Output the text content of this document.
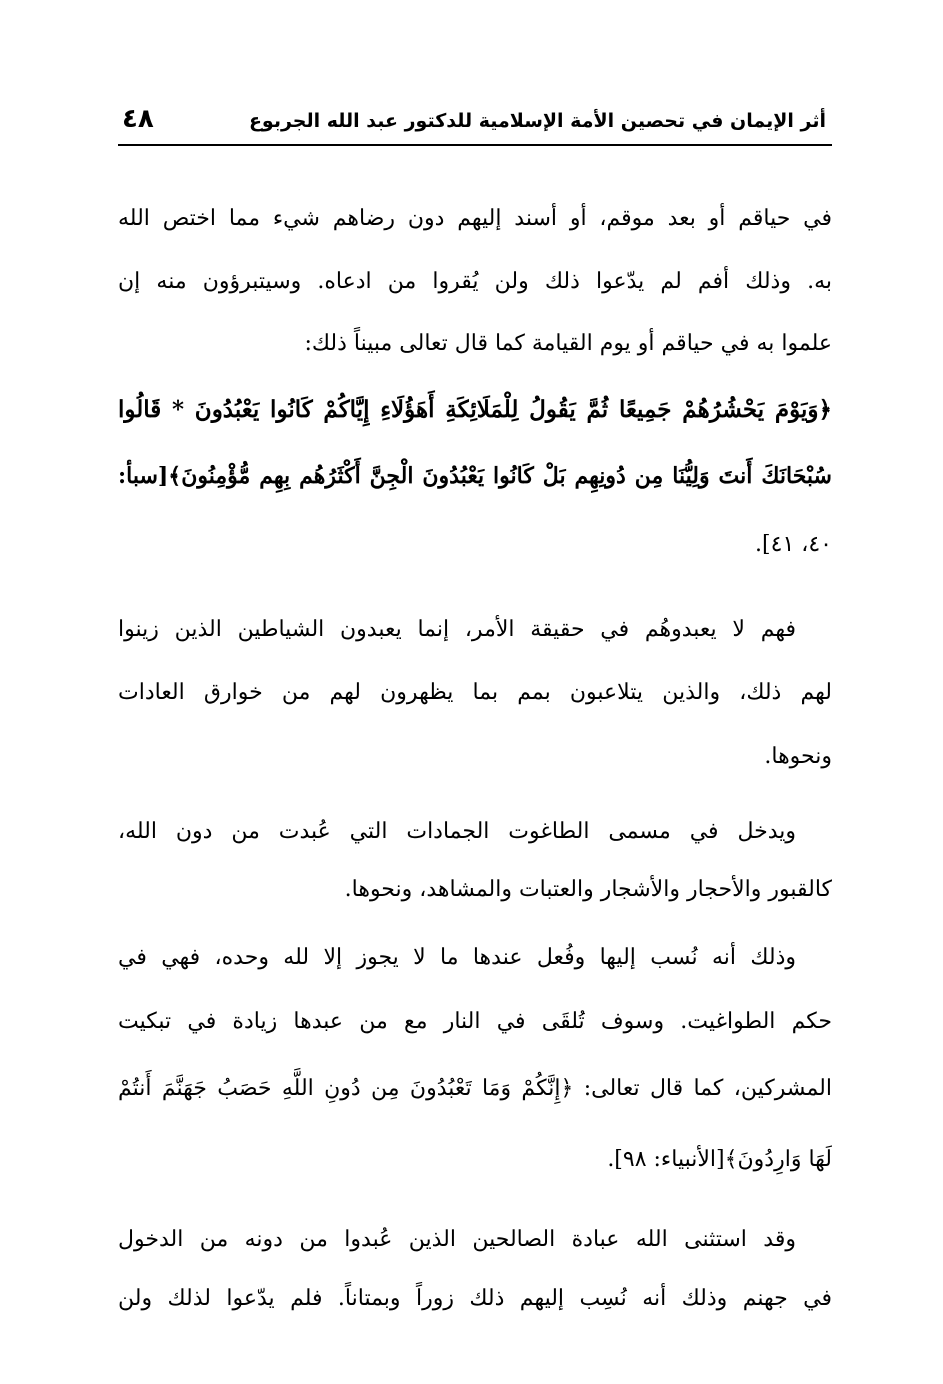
أثر الإيمان في تحصين الأمة الإسلامية للدكتور عبد الله الجربوع
٤٨
في حياقم أو بعد موقم، أو أسند إليهم دون رضاهم شيء مما اختص الله
به. وذلك أفم لم يدّعوا ذلك ولن يُقروا من ادعاه. وسيتبرؤون منه إن
علموا به في حياقم أو يوم القيامة كما قال تعالى مبيناً ذلك:
﴿وَيَوْمَ يَحْشُرُهُمْ جَمِيعًا ثُمَّ يَقُولُ لِلْمَلَائِكَةِ أَهَؤُلَاءِ إِيَّاكُمْ كَانُوا يَعْبُدُونَ * قَالُوا
سُبْحَانَكَ أَنتَ وَلِيُّنَا مِن دُونِهِم بَلْ كَانُوا يَعْبُدُونَ الْجِنَّ أَكْثَرُهُم بِهِم مُّؤْمِنُونَ﴾[سبأ:
٤٠، ٤١].
فهم لا يعبدوهُم في حقيقة الأمر، إنما يعبدون الشياطين الذين زينوا
لهم ذلك، والذين يتلاعبون بمم بما يظهرون لهم من خوارق العادات
ونحوها.
ويدخل في مسمى الطاغوت الجمادات التي عُبدت من دون الله،
كالقبور والأحجار والأشجار والعتبات والمشاهد، ونحوها.
وذلك أنه نُسب إليها وفُعل عندها ما لا يجوز إلا لله وحده، فهي في
حكم الطواغيت. وسوف تُلقَى في النار مع من عبدها زيادة في تبكيت
المشركين، كما قال تعالى: ﴿إِنَّكُمْ وَمَا تَعْبُدُونَ مِن دُونِ اللَّهِ حَصَبُ جَهَنَّمَ أَنتُمْ
لَهَا وَارِدُونَ﴾[الأنبياء: ٩٨].
وقد استثنى الله عبادة الصالحين الذين عُبدوا من دونه من الدخول
في جهنم وذلك أنه نُسِب إليهم ذلك زوراً وبمتاناً. فلم يدّعوا لذلك ولن
